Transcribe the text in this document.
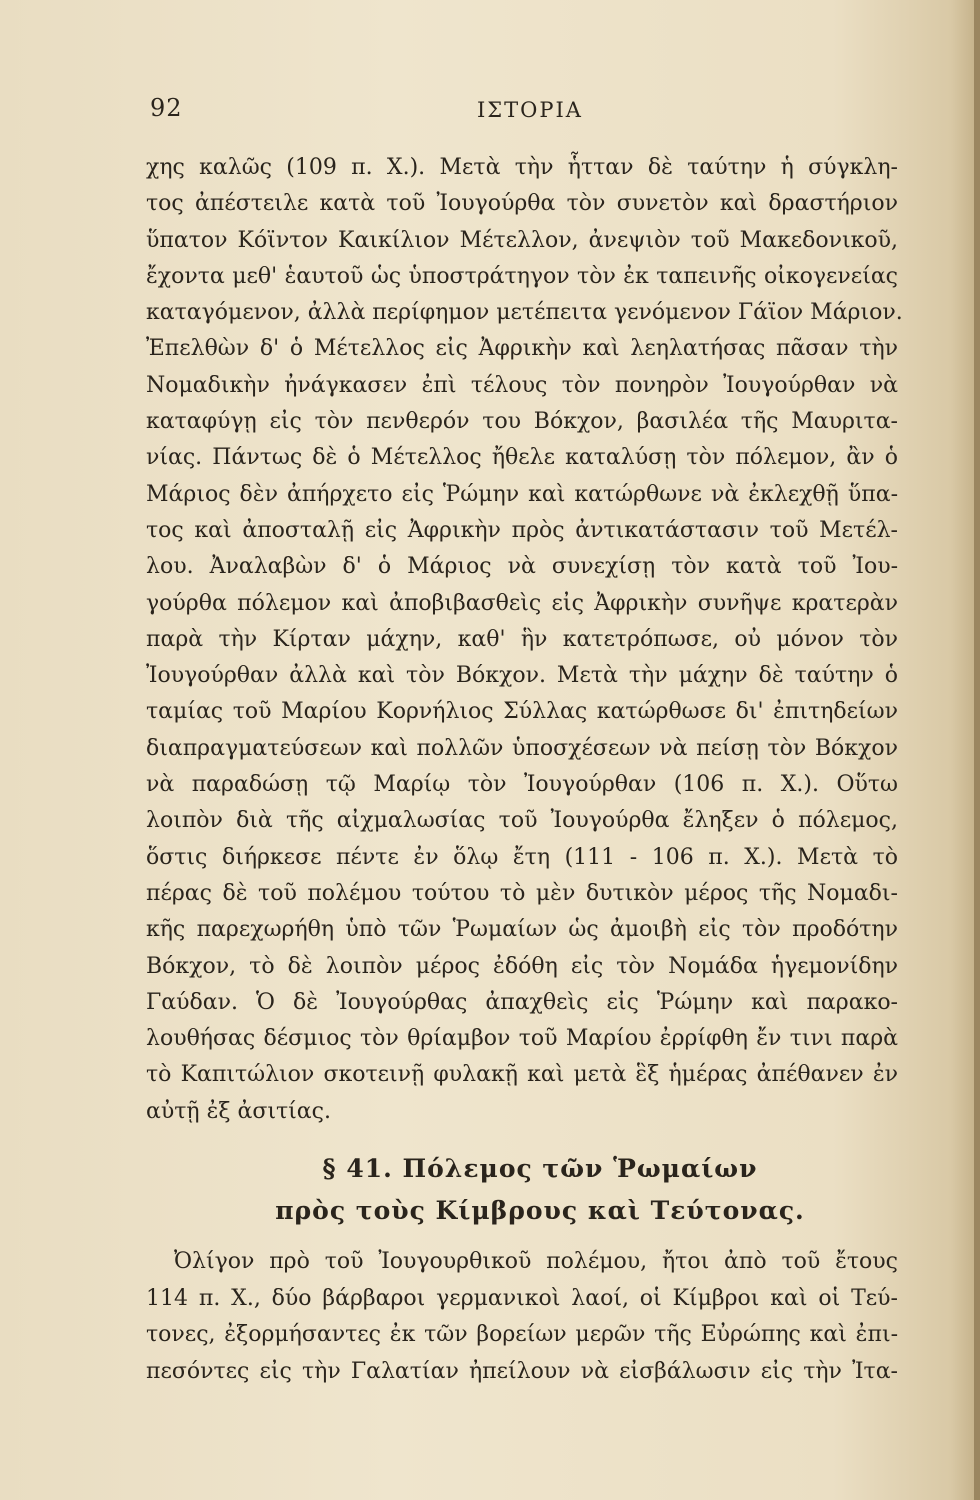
92	ΙΣΤΟΡΙΑ
χης καλῶς (109 π. Χ.). Μετὰ τὴν ἧτταν δὲ ταύτην ἡ σύγκλη-
τος ἀπέστειλε κατὰ τοῦ Ἰουγούρθα τὸν συνετὸν καὶ δραστήριον
ὕπατον Κόϊντον Καικίλιον Μέτελλον, ἀνεψιὸν τοῦ Μακεδονικοῦ,
ἔχοντα μεθ' ἑαυτοῦ ὡς ὑποστράτηγον τὸν ἐκ ταπεινῆς οἰκογενείας
καταγόμενον, ἀλλὰ περίφημον μετέπειτα γενόμενον Γάϊον Μάριον.
Ἐπελθὼν δ' ὁ Μέτελλος εἰς Ἀφρικὴν καὶ λεηλατήσας πᾶσαν τὴν
Νομαδικὴν ἠνάγκασεν ἐπὶ τέλους τὸν πονηρὸν Ἰουγούρθαν νὰ
καταφύγῃ εἰς τὸν πενθερόν του Βόκχον, βασιλέα τῆς Μαυριτα-
νίας. Πάντως δὲ ὁ Μέτελλος ἤθελε καταλύσῃ τὸν πόλεμον, ἂν ὁ
Μάριος δὲν ἀπήρχετο εἰς Ῥώμην καὶ κατώρθωνε νὰ ἐκλεχθῇ ὕπα-
τος καὶ ἀποσταλῇ εἰς Ἀφρικὴν πρὸς ἀντικατάστασιν τοῦ Μετέλ-
λου. Ἀναλαβὼν δ' ὁ Μάριος νὰ συνεχίσῃ τὸν κατὰ τοῦ Ἰου-
γούρθα πόλεμον καὶ ἀποβιβασθεὶς εἰς Ἀφρικὴν συνῆψε κρατερὰν
παρὰ τὴν Κίρταν μάχην, καθ' ἣν κατετρόπωσε, οὐ μόνον τὸν
Ἰουγούρθαν ἀλλὰ καὶ τὸν Βόκχον. Μετὰ τὴν μάχην δὲ ταύτην ὁ
ταμίας τοῦ Μαρίου Κορνήλιος Σύλλας κατώρθωσε δι' ἐπιτηδείων
διαπραγματεύσεων καὶ πολλῶν ὑποσχέσεων νὰ πείσῃ τὸν Βόκχον
νὰ παραδώσῃ τῷ Μαρίῳ τὸν Ἰουγούρθαν (106 π. Χ.). Οὕτω
λοιπὸν διὰ τῆς αἰχμαλωσίας τοῦ Ἰουγούρθα ἔληξεν ὁ πόλεμος,
ὅστις διήρκεσε πέντε ἐν ὅλῳ ἔτη (111 - 106 π. Χ.). Μετὰ τὸ
πέρας δὲ τοῦ πολέμου τούτου τὸ μὲν δυτικὸν μέρος τῆς Νομαδι-
κῆς παρεχωρήθη ὑπὸ τῶν Ῥωμαίων ὡς ἀμοιβὴ εἰς τὸν προδότην
Βόκχον, τὸ δὲ λοιπὸν μέρος ἐδόθη εἰς τὸν Νομάδα ἡγεμονίδην
Γαύδαν. Ὁ δὲ Ἰουγούρθας ἀπαχθεὶς εἰς Ῥώμην καὶ παρακο-
λουθήσας δέσμιος τὸν θρίαμβον τοῦ Μαρίου ἐρρίφθη ἔν τινι παρὰ
τὸ Καπιτώλιον σκοτεινῇ φυλακῇ καὶ μετὰ ἓξ ἡμέρας ἀπέθανεν ἐν
αὐτῇ ἐξ ἀσιτίας.
§ 41. Πόλεμος τῶν Ῥωμαίων
πρὸς τοὺς Κίμβρους καὶ Τεύτονας.
Ὀλίγον πρὸ τοῦ Ἰουγουρθικοῦ πολέμου, ἤτοι ἀπὸ τοῦ ἔτους
114 π. Χ., δύο βάρβαροι γερμανικοὶ λαοί, οἱ Κίμβροι καὶ οἱ Τεύ-
τονες, ἐξορμήσαντες ἐκ τῶν βορείων μερῶν τῆς Εὐρώπης καὶ ἐπι-
πεσόντες εἰς τὴν Γαλατίαν ἠπείλουν νὰ εἰσβάλωσιν εἰς τὴν Ἰτα-
